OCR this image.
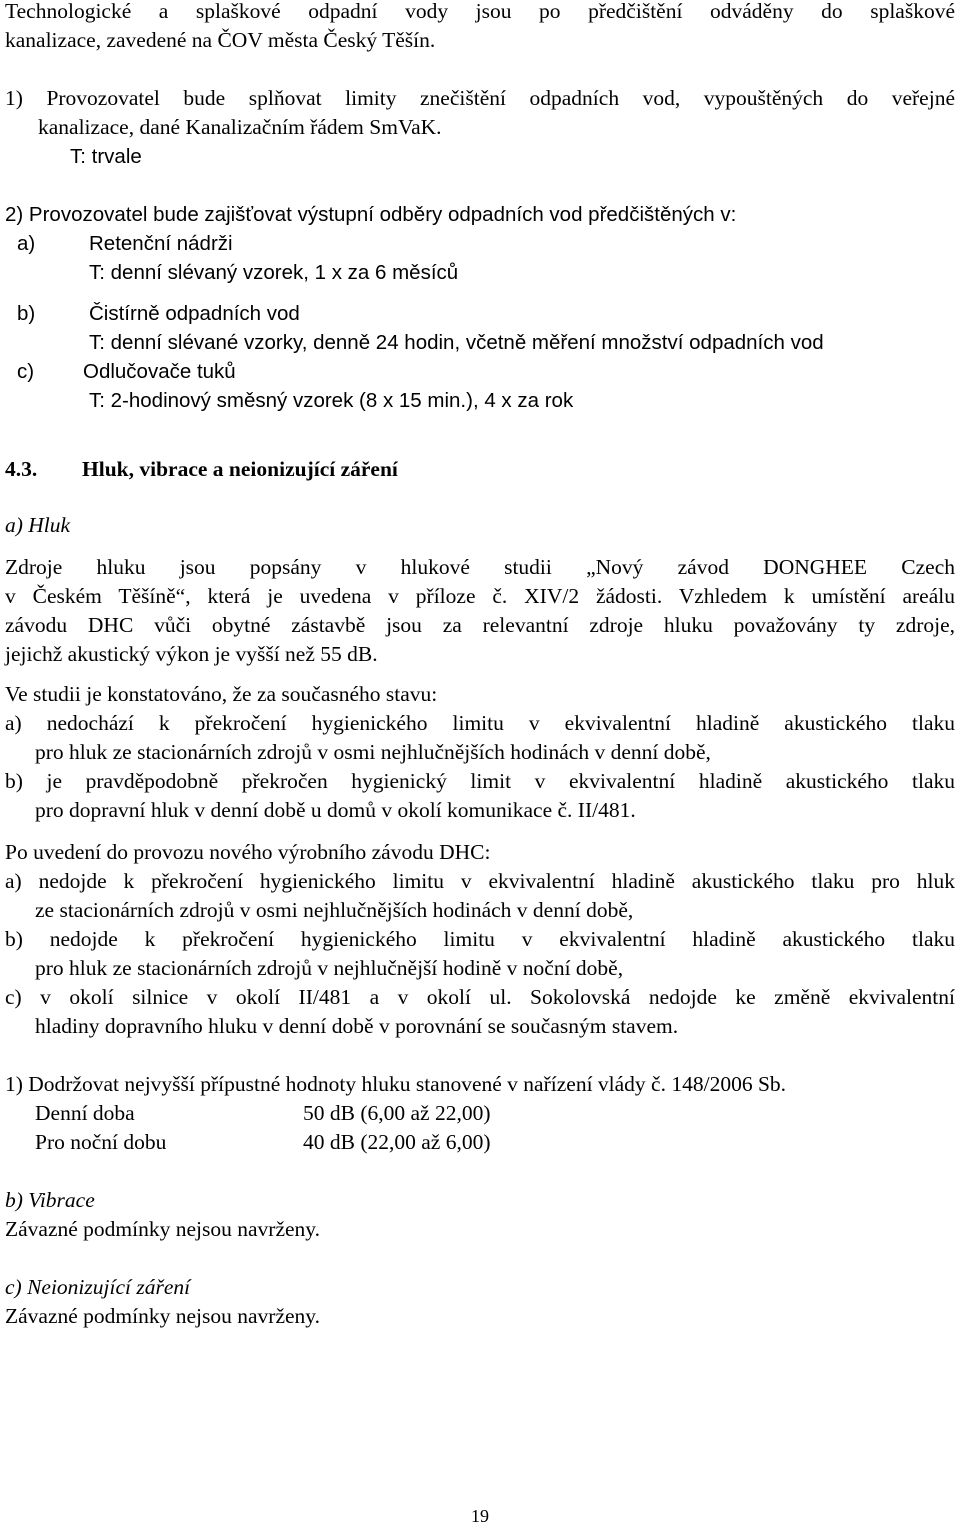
Technologické a splaškové odpadní vody jsou po předčištění odváděny do splaškové
kanalizace, zavedené na ČOV města Český Těšín.
1) Provozovatel bude splňovat limity znečištění odpadních vod, vypouštěných do veřejné
kanalizace, dané Kanalizačním řádem SmVaK.
T: trvale
2) Provozovatel bude zajišťovat výstupní odběry odpadních vod předčištěných v:
a)	Retenční nádrži
T: denní slévaný vzorek, 1 x za 6 měsíců
b)	Čistírně odpadních vod
T: denní slévané vzorky, denně 24 hodin, včetně měření množství odpadních vod
c) Odlučovače tuků
T: 2-hodinový směsný vzorek (8 x 15 min.), 4 x za rok
4.3. Hluk, vibrace a neionizující záření
a) Hluk
Zdroje hluku jsou popsány v hlukové studii „Nový závod DONGHEE Czech
v Českém Těšíně“, která je uvedena v příloze č. XIV/2 žádosti. Vzhledem k umístění areálu
závodu DHC vůči obytné zástavbě jsou za relevantní zdroje hluku považovány ty zdroje,
jejichž akustický výkon je vyšší než 55 dB.
Ve studii je konstatováno, že za současného stavu:
a) nedochází k překročení hygienického limitu v ekvivalentní hladině akustického tlaku
pro hluk ze stacionárních zdrojů v osmi nejhlučnějších hodinách v denní době,
b) je pravděpodobně překročen hygienický limit v ekvivalentní hladině akustického tlaku
pro dopravní hluk v denní době u domů v okolí komunikace č. II/481.
Po uvedení do provozu nového výrobního závodu DHC:
a) nedojde k překročení hygienického limitu v ekvivalentní hladině akustického tlaku pro hluk
ze stacionárních zdrojů v osmi nejhlučnějších hodinách v denní době,
b) nedojde k překročení hygienického limitu v ekvivalentní hladině akustického tlaku
pro hluk ze stacionárních zdrojů v nejhlučnější hodině v noční době,
c) v okolí silnice v okolí II/481 a v okolí ul. Sokolovská nedojde ke změně ekvivalentní
hladiny dopravního hluku v denní době v porovnání se současným stavem.
1) Dodržovat nejvyšší přípustné hodnoty hluku stanovené v nařízení vlády č. 148/2006 Sb.
Denní doba	50 dB (6,00 až 22,00)
Pro noční dobu	40 dB (22,00 až 6,00)
b) Vibrace
Závazné podmínky nejsou navrženy.
c) Neionizující záření
Závazné podmínky nejsou navrženy.
19
